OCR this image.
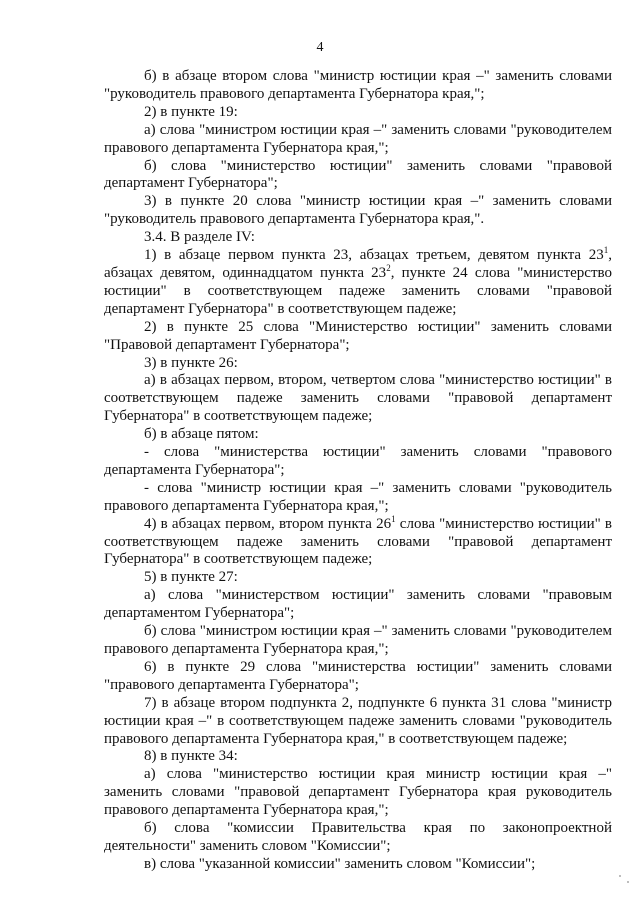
4

б) в абзаце втором слова "министр юстиции края –" заменить словами "руководитель правового департамента Губернатора края,";

2) в пункте 19:

а) слова "министром юстиции края –" заменить словами "руководителем правового департамента Губернатора края,";

б) слова "министерство юстиции" заменить словами "правовой департамент Губернатора";

3) в пункте 20 слова "министр юстиции края –" заменить словами "руководитель правового департамента Губернатора края,".

3.4. В разделе IV:

1) в абзаце первом пункта 23, абзацах третьем, девятом пункта $23^1$, абзацах девятом, одиннадцатом пункта $23^2$, пункте 24 слова "министерство юстиции" в соответствующем падеже заменить словами "правовой департамент Губернатора" в соответствующем падеже;

2) в пункте 25 слова "Министерство юстиции" заменить словами "Правовой департамент Губернатора";

3) в пункте 26:

а) в абзацах первом, втором, четвертом слова "министерство юстиции" в соответствующем падеже заменить словами "правовой департамент Губернатора" в соответствующем падеже;

б) в абзаце пятом:

- слова "министерства юстиции" заменить словами "правового департамента Губернатора";

- слова "министр юстиции края –" заменить словами "руководитель правового департамента Губернатора края,";

4) в абзацах первом, втором пункта $26^1$ слова "министерство юстиции" в соответствующем падеже заменить словами "правовой департамент Губернатора" в соответствующем падеже;

5) в пункте 27:

а) слова "министерством юстиции" заменить словами "правовым департаментом Губернатора";

б) слова "министром юстиции края –" заменить словами "руководителем правового департамента Губернатора края,";

6) в пункте 29 слова "министерства юстиции" заменить словами "правового департамента Губернатора";

7) в абзаце втором подпункта 2, подпункте 6 пункта 31 слова "министр юстиции края –" в соответствующем падеже заменить словами "руководитель правового департамента Губернатора края," в соответствующем падеже;

8) в пункте 34:

а) слова "министерство юстиции края министр юстиции края –" заменить словами "правовой департамент Губернатора края руководитель правового департамента Губернатора края,";

б) слова "комиссии Правительства края по законопроектной деятельности" заменить словом "Комиссии";

в) слова "указанной комиссии" заменить словом "Комиссии";
